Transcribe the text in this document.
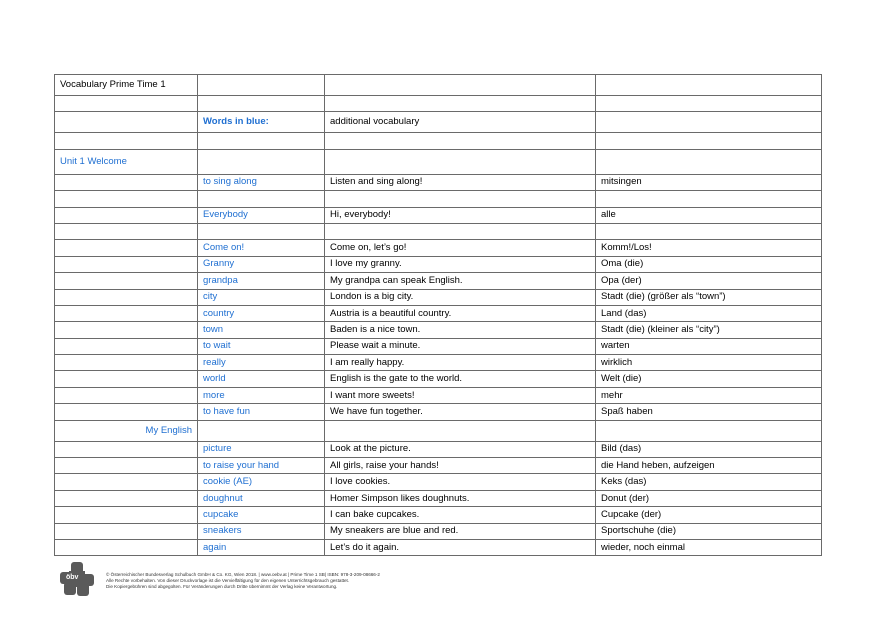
Vocabulary Prime Time 1			

	Words in blue:	additional vocabulary	

Unit 1 Welcome			
	to sing along	Listen and sing along!	mitsingen

	Everybody	Hi, everybody!	alle

	Come on!	Come on, let’s go!	Komm!/Los!
	Granny	I love my granny.	Oma (die)
	grandpa	My grandpa can speak English.	Opa (der)
	city	London is a big city.	Stadt (die) (größer als “town”)
	country	Austria is a beautiful country.	Land (das)
	town	Baden is a nice town.	Stadt (die) (kleiner als “city”)
	to wait	Please wait a minute.	warten
	really	I am really happy.	wirklich
	world	English is the gate to the world.	Welt (die)
	more	I want more sweets!	mehr
	to have fun	We have fun together.	Spaß haben
My English			
	picture	Look at the picture.	Bild (das)
	to raise your hand	All girls, raise your hands!	die Hand heben, aufzeigen
	cookie (AE)	I love cookies.	Keks (das)
	doughnut	Homer Simpson likes doughnuts.	Donut (der)
	cupcake	I can bake cupcakes.	Cupcake (der)
	sneakers	My sneakers are blue and red.	Sportschuhe (die)
	again	Let’s do it again.	wieder, noch einmal
öbv	© Österreichischer Bundesverlag Schulbuch GmbH & Co. KG, Wien 2018. | www.oebv.at | Prime Time 1 SB| ISBN: 978-3-209-08666-2
Alle Rechte vorbehalten. Von dieser Druckvorlage ist die Vervielfältigung für den eigenen Unterrichtsgebrauch gestattet.
Die Kopiergebühren sind abgegolten. Für Veränderungen durch Dritte übernimmt der Verlag keine Verantwortung.
